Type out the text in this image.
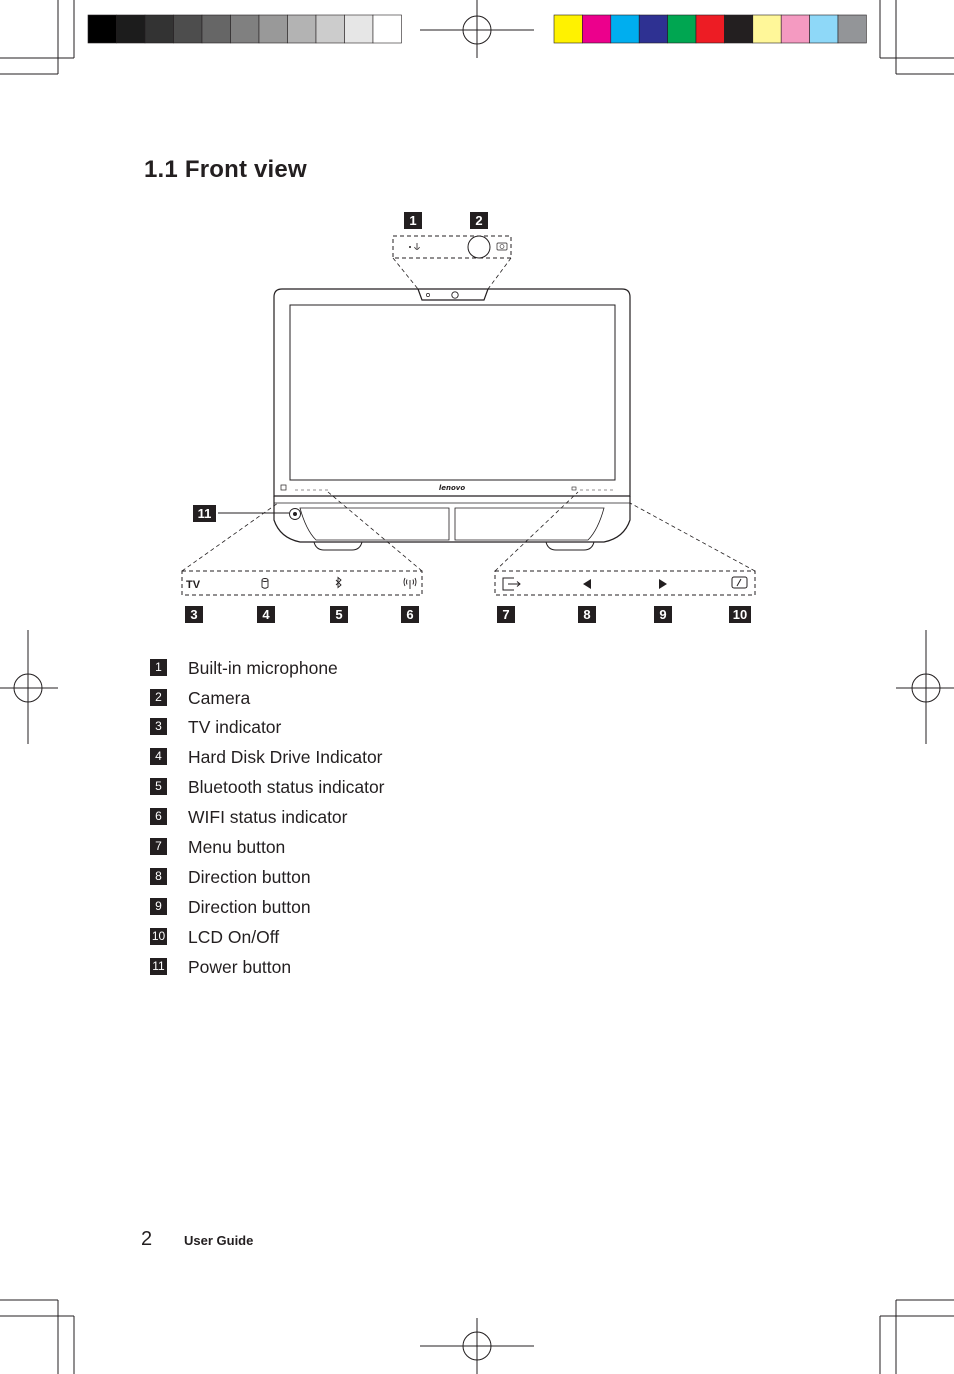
1.1 Front view
lenovo
TV
1	2
11
3	4	5	6	7	8	9	10
1 Built-in microphone
2 Camera
3 TV indicator
4 Hard Disk Drive Indicator
5 Bluetooth status indicator
6 WIFI status indicator
7 Menu button
8 Direction button
9 Direction button
10 LCD On/Off
11 Power button
2 User Guide
